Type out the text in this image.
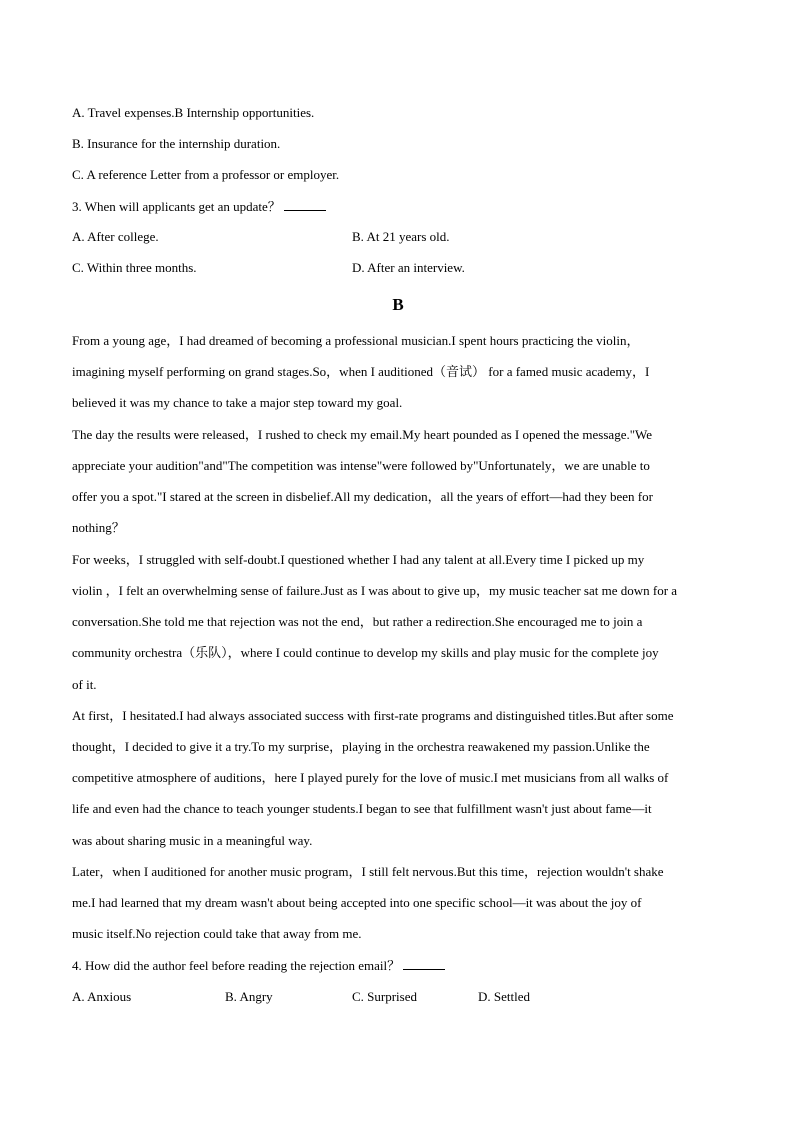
A. Travel expenses.B Internship opportunities.
B. Insurance for the internship duration.
C. A reference Letter from a professor or employer.
3. When will applicants get an update？
A. After college.	B. At 21 years old.
C. Within three months.	D. After an interview.
B
From a young age，I had dreamed of becoming a professional musician.I spent hours practicing the violin，
imagining myself performing on grand stages.So，when I auditioned（音试） for a famed music academy，I
believed it was my chance to take a major step toward my goal.
The day the results were released，I rushed to check my email.My heart pounded as I opened the message."We
appreciate your audition"and"The competition was intense"were followed by"Unfortunately，we are unable to
offer you a spot."I stared at the screen in disbelief.All my dedication，all the years of effort—had they been for
nothing？
For weeks，I struggled with self-doubt.I questioned whether I had any talent at all.Every time I picked up my
violin ，I felt an overwhelming sense of failure.Just as I was about to give up，my music teacher sat me down for a
conversation.She told me that rejection was not the end，but rather a redirection.She encouraged me to join a
community orchestra（乐队），where I could continue to develop my skills and play music for the complete joy
of it.
At first，I hesitated.I had always associated success with first-rate programs and distinguished titles.But after some
thought，I decided to give it a try.To my surprise，playing in the orchestra reawakened my passion.Unlike the
competitive atmosphere of auditions，here I played purely for the love of music.I met musicians from all walks of
life and even had the chance to teach younger students.I began to see that fulfillment wasn't just about fame—it
was about sharing music in a meaningful way.
Later，when I auditioned for another music program，I still felt nervous.But this time，rejection wouldn't shake
me.I had learned that my dream wasn't about being accepted into one specific school—it was about the joy of
music itself.No rejection could take that away from me.
4. How did the author feel before reading the rejection email？
A. Anxious	B. Angry	C. Surprised	D. Settled
